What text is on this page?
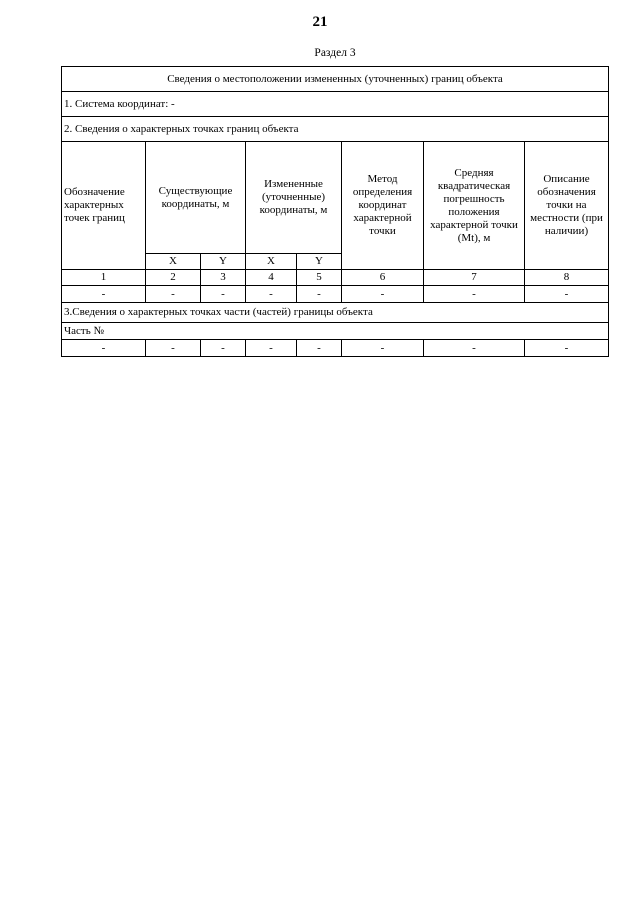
21
Раздел 3
Сведения о местоположении измененных (уточненных) границ объекта							
1. Система координат: -							
2. Сведения о характерных точках границ объекта							
Обозначение характерных точек границ	Существующие координаты, м		Измененные (уточненные) координаты, м		Метод определения координат характерной точки	Средняя квадратическая погрешность положения характерной точки (Mt), м	Описание обозначения точки на местности (при наличии)
	X	Y	X	Y			
1	2	3	4	5	6	7	8
-	-	-	-	-	-	-	-
3.Сведения о характерных точках части (частей) границы объекта							
Часть №							
-	-	-	-	-	-	-	-
